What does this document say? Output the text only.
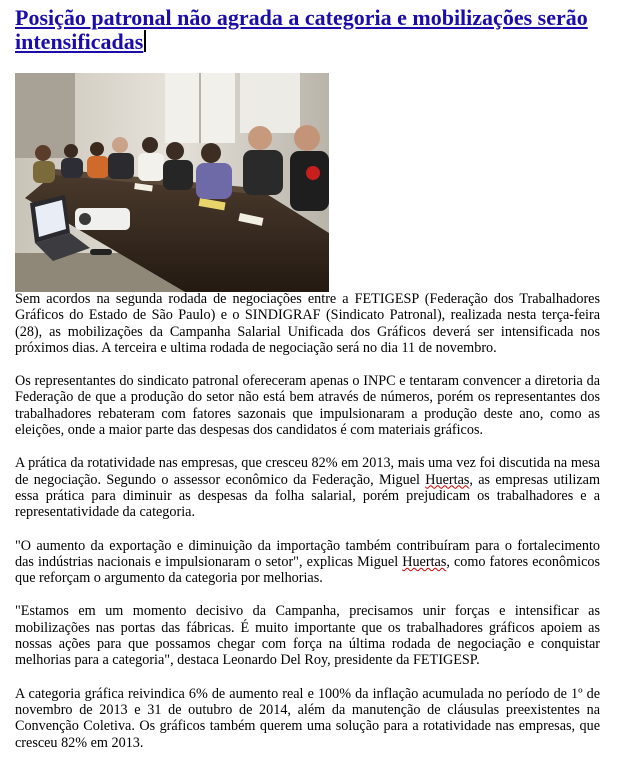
Posição patronal não agrada a categoria e mobilizações serão intensificadas

Sem acordos na segunda rodada de negociações entre a FETIGESP (Federação dos Trabalhadores Gráficos do Estado de São Paulo) e o SINDIGRAF (Sindicato Patronal), realizada nesta terça-feira (28), as mobilizações da Campanha Salarial Unificada dos Gráficos deverá ser intensificada nos próximos dias. A terceira e ultima rodada de negociação será no dia 11 de novembro.

Os representantes do sindicato patronal ofereceram apenas o INPC e tentaram convencer a diretoria da Federação de que a produção do setor não está bem através de números, porém os representantes dos trabalhadores rebateram com fatores sazonais que impulsionaram a produção deste ano, como as eleições, onde a maior parte das despesas dos candidatos é com materiais gráficos.

A prática da rotatividade nas empresas, que cresceu 82% em 2013, mais uma vez foi discutida na mesa de negociação. Segundo o assessor econômico da Federação, Miguel Huertas, as empresas utilizam essa prática para diminuir as despesas da folha salarial, porém prejudicam os trabalhadores e a representatividade da categoria.

"O aumento da exportação e diminuição da importação também contribuíram para o fortalecimento das indústrias nacionais e impulsionaram o setor", explicas Miguel Huertas, como fatores econômicos que reforçam o argumento da categoria por melhorias.

"Estamos em um momento decisivo da Campanha, precisamos unir forças e intensificar as mobilizações nas portas das fábricas. É muito importante que os trabalhadores gráficos apoiem as nossas ações para que possamos chegar com força na última rodada de negociação e conquistar melhorias para a categoria", destaca Leonardo Del Roy, presidente da FETIGESP.

A categoria gráfica reivindica 6% de aumento real e 100% da inflação acumulada no período de 1º de novembro de 2013 e 31 de outubro de 2014, além da manutenção de cláusulas preexistentes na Convenção Coletiva. Os gráficos também querem uma solução para a rotatividade nas empresas, que cresceu 82% em 2013.
